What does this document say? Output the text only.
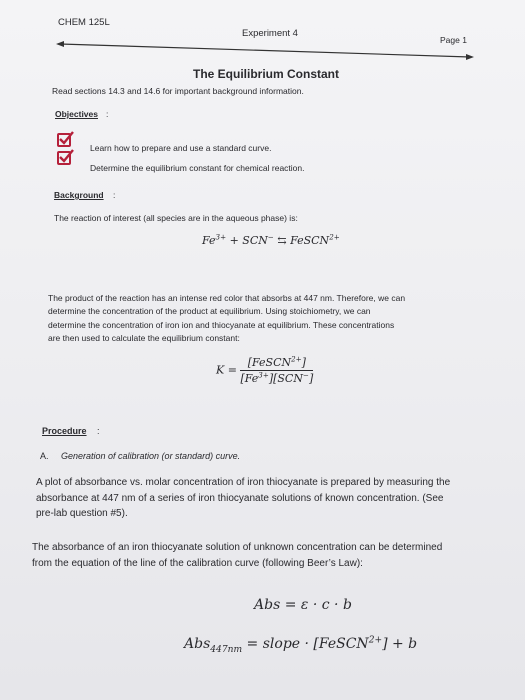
CHEM 125L
Experiment 4
Page 1
The Equilibrium Constant
Read sections 14.3 and 14.6 for important background information.
Objectives :
Learn how to prepare and use a standard curve.
Determine the equilibrium constant for chemical reaction.
Background :
The reaction of interest (all species are in the aqueous phase) is:
$Fe^{3+} + SCN^-$ ⇆ FeSCN$^{2+}$
The product of the reaction has an intense red color that absorbs at 447 nm. Therefore, we can
determine the concentration of the product at equilibrium. Using stoichiometry, we can
determine the concentration of iron ion and thiocyanate at equilibrium. These concentrations
are then used to calculate the equilibrium constant:
$K = \frac{[FeSCN^{2+}]}{[Fe^{3+}][SCN^-]}$
Procedure :
A. Generation of calibration (or standard) curve.
A plot of absorbance vs. molar concentration of iron thiocyanate is prepared by measuring the
absorbance at 447 nm of a series of iron thiocyanate solutions of known concentration. (See
pre-lab question #5).
The absorbance of an iron thiocyanate solution of unknown concentration can be determined
from the equation of the line of the calibration curve (following Beer’s Law):
Abs = ε · c · b
Abs$_{447nm}$ = slope · [FeSCN$^{2+}$] + b
